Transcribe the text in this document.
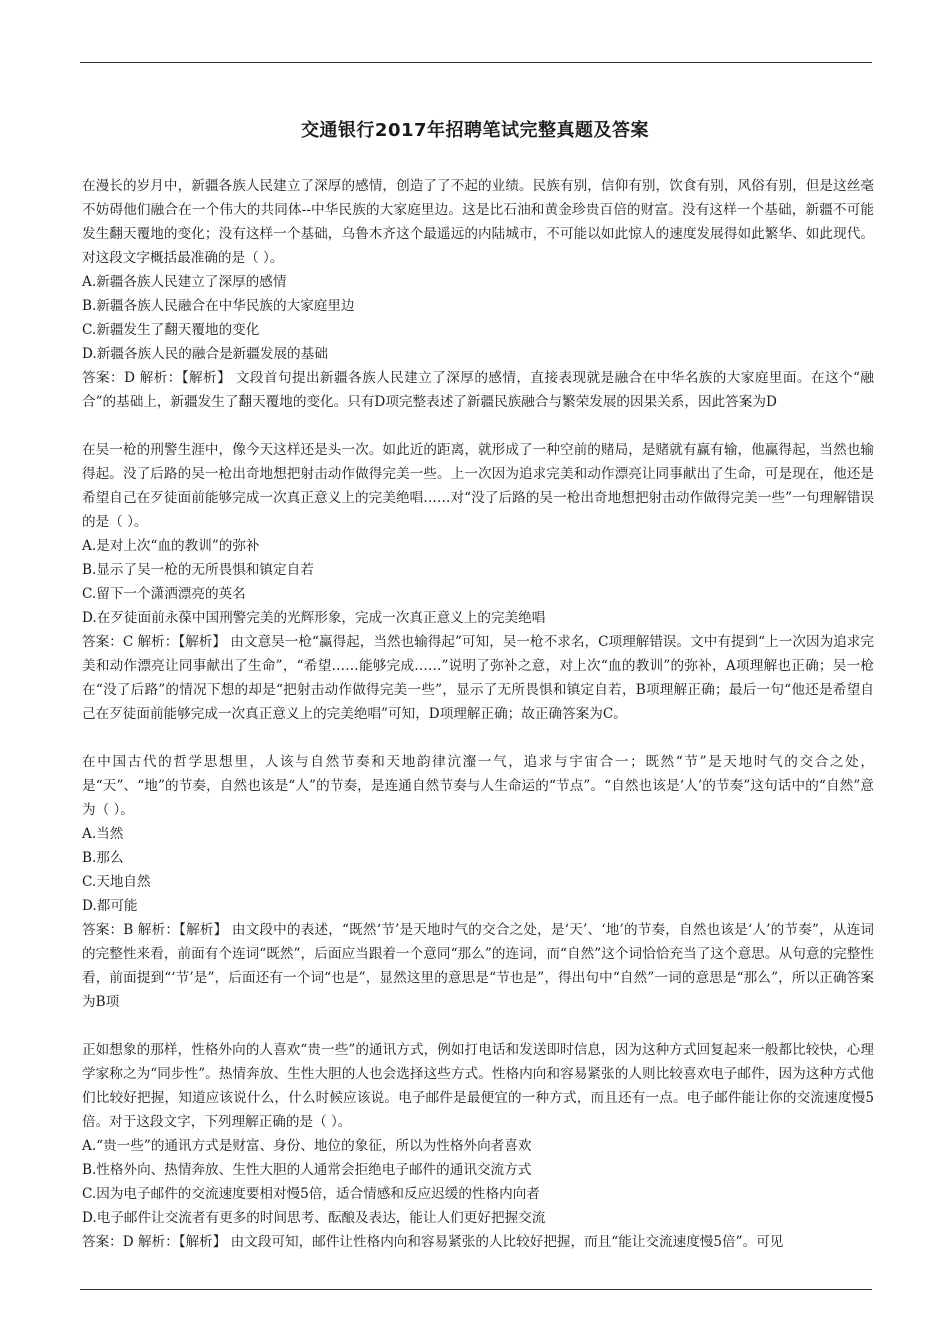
交通银行2017年招聘笔试完整真题及答案

在漫长的岁月中，新疆各族人民建立了深厚的感情，创造了了不起的业绩。民族有别，信仰有别，饮食有别，风俗有别，但是这丝毫不妨碍他们融合在一个伟大的共同体--中华民族的大家庭里边。这是比石油和黄金珍贵百倍的财富。没有这样一个基础，新疆不可能发生翻天覆地的变化；没有这样一个基础，乌鲁木齐这个最遥远的内陆城市，不可能以如此惊人的速度发展得如此繁华、如此现代。对这段文字概括最准确的是（ ）。

A.新疆各族人民建立了深厚的感情
B.新疆各族人民融合在中华民族的大家庭里边
C.新疆发生了翻天覆地的变化
D.新疆各族人民的融合是新疆发展的基础

答案：D 解析：【解析】 文段首句提出新疆各族人民建立了深厚的感情，直接表现就是融合在中华名族的大家庭里面。在这个“融合”的基础上，新疆发生了翻天覆地的变化。只有D项完整表述了新疆民族融合与繁荣发展的因果关系，因此答案为D

在吴一枪的刑警生涯中，像今天这样还是头一次。如此近的距离，就形成了一种空前的赌局，是赌就有赢有输，他赢得起，当然也输得起。没了后路的吴一枪出奇地想把射击动作做得完美一些。上一次因为追求完美和动作漂亮让同事献出了生命，可是现在，他还是希望自己在歹徒面前能够完成一次真正意义上的完美绝唱……对“没了后路的吴一枪出奇地想把射击动作做得完美一些”一句理解错误的是（ ）。

A.是对上次“血的教训”的弥补
B.显示了吴一枪的无所畏惧和镇定自若
C.留下一个潇洒漂亮的英名
D.在歹徒面前永葆中国刑警完美的光辉形象，完成一次真正意义上的完美绝唱

答案：C 解析：【解析】 由文意吴一枪“赢得起，当然也输得起”可知，吴一枪不求名，C项理解错误。文中有提到“上一次因为追求完美和动作漂亮让同事献出了生命”，“希望……能够完成……”说明了弥补之意，对上次“血的教训”的弥补，A项理解也正确；吴一枪在“没了后路”的情况下想的却是“把射击动作做得完美一些”，显示了无所畏惧和镇定自若，B项理解正确；最后一句“他还是希望自己在歹徒面前能够完成一次真正意义上的完美绝唱”可知，D项理解正确；故正确答案为C。

在中国古代的哲学思想里，人该与自然节奏和天地韵律沆瀣一气，追求与宇宙合一；既然“节”是天地时气的交合之处，是“天”、“地”的节奏，自然也该是“人”的节奏，是连通自然节奏与人生命运的“节点”。“自然也该是‘人’的节奏”这句话中的“自然”意为（ ）。

A.当然
B.那么
C.天地自然
D.都可能

答案：B 解析：【解析】 由文段中的表述，“既然‘节’是天地时气的交合之处，是‘天’、‘地’的节奏，自然也该是‘人’的节奏”，从连词的完整性来看，前面有个连词“既然”，后面应当跟着一个意同“那么”的连词，而“自然”这个词恰恰充当了这个意思。从句意的完整性看，前面提到“‘节’是”，后面还有一个词“也是”，显然这里的意思是“节也是”，得出句中“自然”一词的意思是“那么”，所以正确答案为B项

正如想象的那样，性格外向的人喜欢“贵一些”的通讯方式，例如打电话和发送即时信息，因为这种方式回复起来一般都比较快，心理学家称之为“同步性”。热情奔放、生性大胆的人也会选择这些方式。性格内向和容易紧张的人则比较喜欢电子邮件，因为这种方式他们比较好把握，知道应该说什么，什么时候应该说。电子邮件是最便宜的一种方式，而且还有一点。电子邮件能让你的交流速度慢5倍。对于这段文字，下列理解正确的是（ ）。

A.“贵一些”的通讯方式是财富、身份、地位的象征，所以为性格外向者喜欢
B.性格外向、热情奔放、生性大胆的人通常会拒绝电子邮件的通讯交流方式
C.因为电子邮件的交流速度要相对慢5倍，适合情感和反应迟缓的性格内向者
D.电子邮件让交流者有更多的时间思考、酝酿及表达，能让人们更好把握交流

答案：D 解析：【解析】 由文段可知，邮件让性格内向和容易紧张的人比较好把握，而且“能让交流速度慢5倍”。可见
